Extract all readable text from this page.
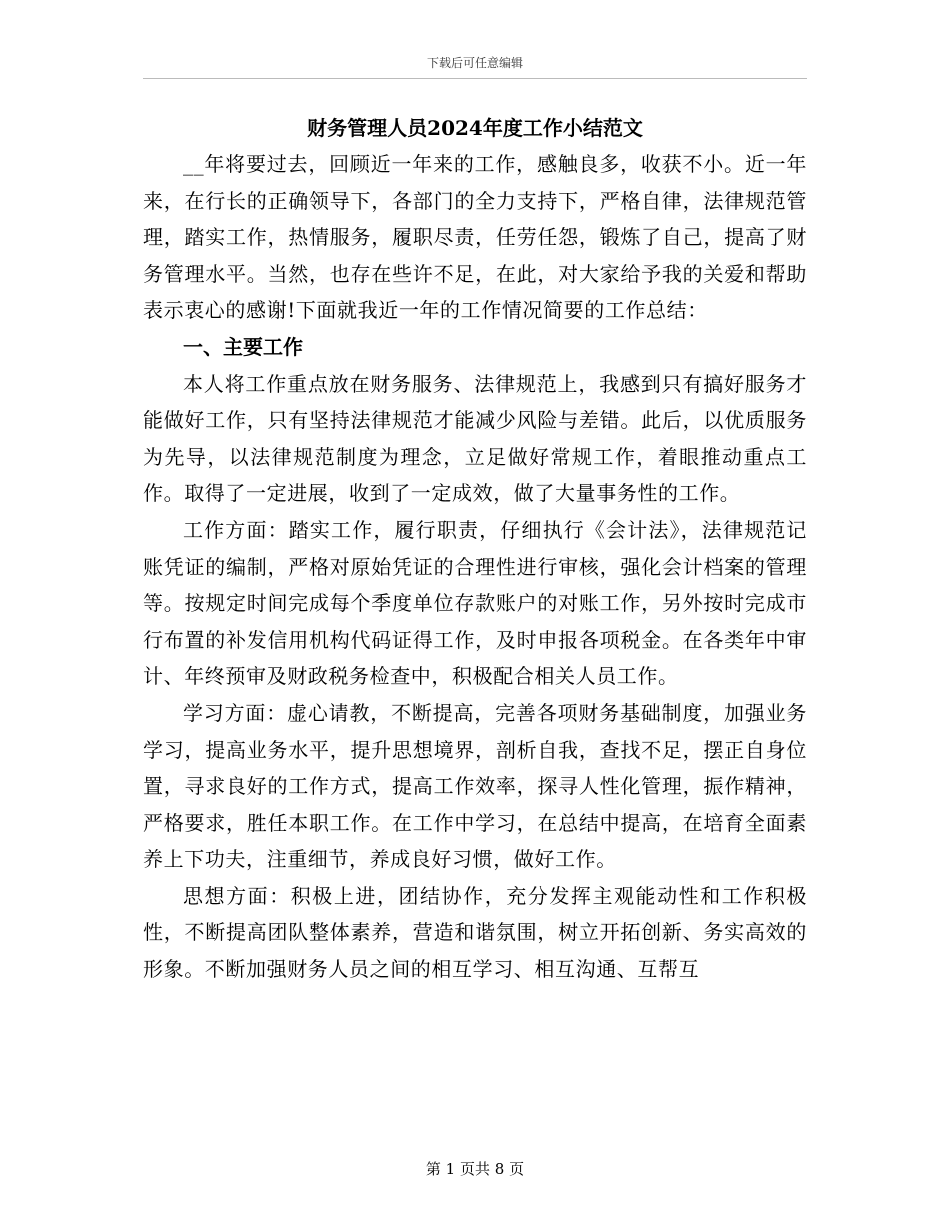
下载后可任意编辑
财务管理人员2024年度工作小结范文

__年将要过去，回顾近一年来的工作，感触良多，收获不小。近一年来，在行长的正确领导下，各部门的全力支持下，严格自律，法律规范管理，踏实工作，热情服务，履职尽责，任劳任怨，锻炼了自己，提高了财务管理水平。当然，也存在些许不足，在此，对大家给予我的关爱和帮助表示衷心的感谢!下面就我近一年的工作情况简要的工作总结：

一、主要工作

本人将工作重点放在财务服务、法律规范上，我感到只有搞好服务才能做好工作，只有坚持法律规范才能减少风险与差错。此后，以优质服务为先导，以法律规范制度为理念，立足做好常规工作，着眼推动重点工作。取得了一定进展，收到了一定成效，做了大量事务性的工作。

工作方面：踏实工作，履行职责，仔细执行《会计法》，法律规范记账凭证的编制，严格对原始凭证的合理性进行审核，强化会计档案的管理等。按规定时间完成每个季度单位存款账户的对账工作，另外按时完成市行布置的补发信用机构代码证得工作，及时申报各项税金。在各类年中审计、年终预审及财政税务检查中，积极配合相关人员工作。

学习方面：虚心请教，不断提高，完善各项财务基础制度，加强业务学习，提高业务水平，提升思想境界，剖析自我，查找不足，摆正自身位置，寻求良好的工作方式，提高工作效率，探寻人性化管理，振作精神，严格要求，胜任本职工作。在工作中学习，在总结中提高，在培育全面素养上下功夫，注重细节，养成良好习惯，做好工作。

思想方面：积极上进，团结协作，充分发挥主观能动性和工作积极性，不断提高团队整体素养，营造和谐氛围，树立开拓创新、务实高效的形象。不断加强财务人员之间的相互学习、相互沟通、互帮互

第 1 页共 8 页
